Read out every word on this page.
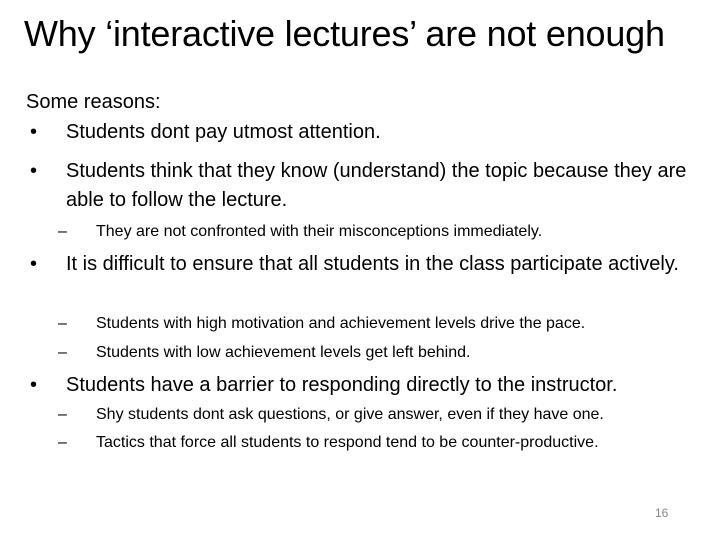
Why ‘interactive lectures’ are not enough
Some reasons:
•	Students dont pay utmost attention.
•	Students think that they know (understand) the topic because they are able to follow the lecture.
–	They are not confronted with their misconceptions immediately.
•	It is difficult to ensure that all students in the class participate actively.
–	Students with high motivation and achievement levels drive the pace.
–	Students with low achievement levels get left behind.
•	Students have a barrier to responding directly to the instructor.
–	Shy students dont ask questions, or give answer, even if they have one.
–	Tactics that force all students to respond tend to be counter-productive.
16
